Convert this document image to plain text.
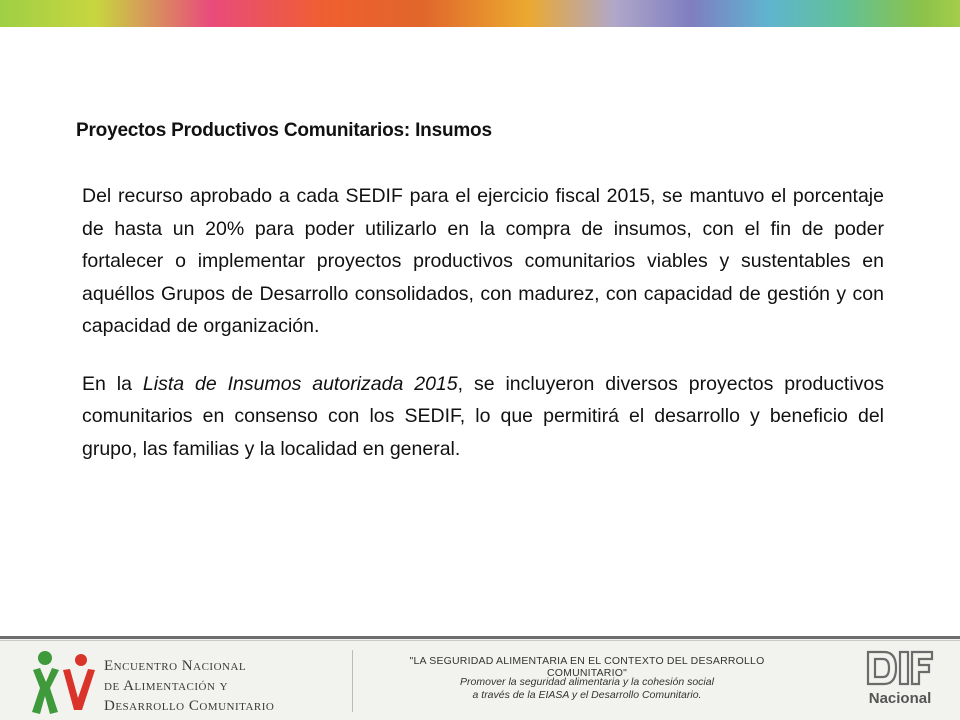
Proyectos Productivos Comunitarios: Insumos

Del recurso aprobado a cada SEDIF para el ejercicio fiscal 2015, se mantuvo el porcentaje de hasta un 20% para poder utilizarlo en la compra de insumos, con el fin de poder fortalecer o implementar proyectos productivos comunitarios viables y sustentables en aquéllos Grupos de Desarrollo consolidados, con madurez, con capacidad de gestión y con capacidad de organización.

En la Lista de Insumos autorizada 2015, se incluyeron diversos proyectos productivos comunitarios en consenso con los SEDIF, lo que permitirá el desarrollo y beneficio del grupo, las familias y la localidad en general.

Encuentro Nacional
de Alimentación y
Desarrollo Comunitario
"LA SEGURIDAD ALIMENTARIA EN EL CONTEXTO DEL DESARROLLO COMUNITARIO"
Promover la seguridad alimentaria y la cohesión social
a través de la EIASA y el Desarrollo Comunitario.	Nacional
